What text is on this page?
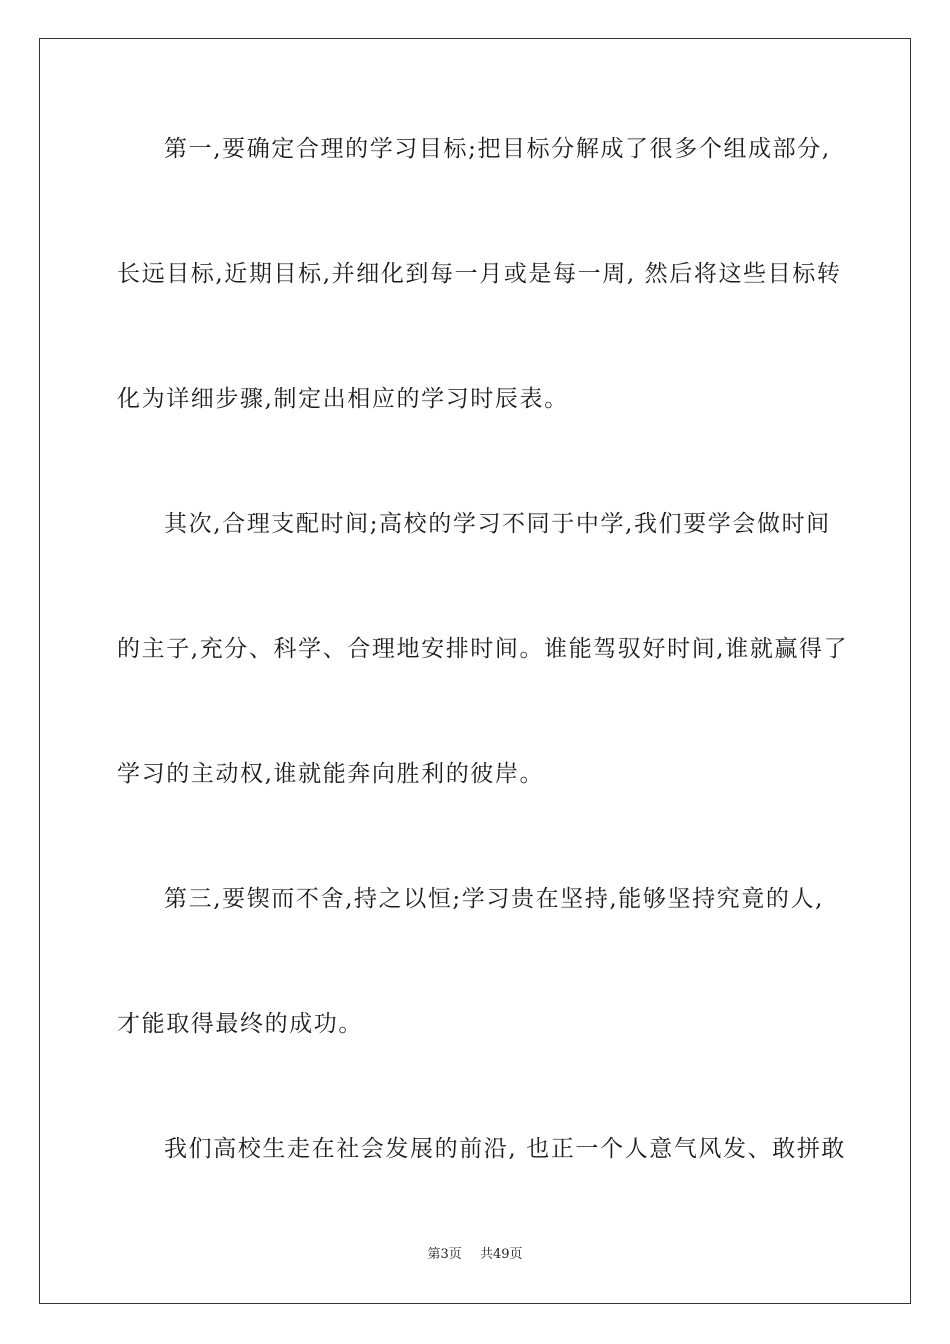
第一,要确定合理的学习目标;把目标分解成了很多个组成部分,
长远目标,近期目标,并细化到每一月或是每一周, 然后将这些目标转
化为详细步骤,制定出相应的学习时辰表。
其次,合理支配时间;高校的学习不同于中学,我们要学会做时间
的主子,充分、科学、合理地安排时间。谁能驾驭好时间,谁就赢得了
学习的主动权,谁就能奔向胜利的彼岸。
第三,要锲而不舍,持之以恒;学习贵在坚持,能够坚持究竟的人,
才能取得最终的成功。
我们高校生走在社会发展的前沿, 也正一个人意气风发、敢拼敢
第3页 共49页
